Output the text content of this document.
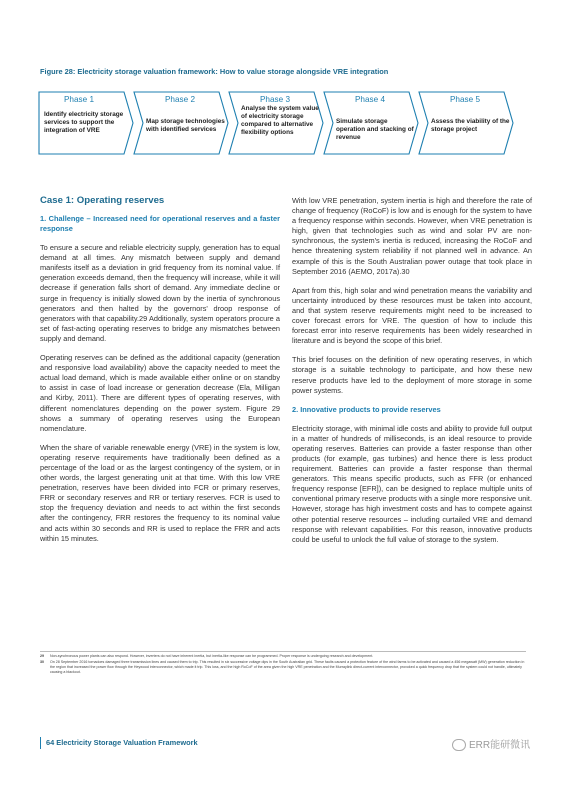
Figure 28: Electricity storage valuation framework: How to value storage alongside VRE integration
Phase 1
Identify electricity storage services to support the integration of VRE
Phase 2
Map storage technologies with identified services
Phase 3
Analyse the system value of electricity storage compared to alternative flexibility options
Phase 4
Simulate storage operation and stacking of revenue
Phase 5
Assess the viability of the storage project
Case 1: Operating reserves
1. Challenge – Increased need for operational reserves and a faster response

To ensure a secure and reliable electricity supply, generation has to equal demand at all times. Any mismatch between supply and demand manifests itself as a deviation in grid frequency from its nominal value. If generation exceeds demand, then the frequency will increase, while it will decrease if generation falls short of demand. Any immediate decline or surge in frequency is initially slowed down by the inertia of synchronous generators and then halted by the governors' droop response of generators with that capability.29 Additionally, system operators procure a set of fast-acting operating reserves to bridge any mismatches between supply and demand.

Operating reserves can be defined as the additional capacity (generation and responsive load availability) above the capacity needed to meet the actual load demand, which is made available either online or on standby to assist in case of load increase or generation decrease (Ela, Milligan and Kirby, 2011). There are different types of operating reserves, with different nomenclatures depending on the power system. Figure 29 shows a summary of operating reserves using the European nomenclature.

When the share of variable renewable energy (VRE) in the system is low, operating reserve requirements have traditionally been defined as a percentage of the load or as the largest contingency of the system, or in other words, the largest generating unit at that time. With this low VRE penetration, reserves have been divided into FCR or primary reserves, FRR or secondary reserves and RR or tertiary reserves. FCR is used to stop the frequency deviation and needs to act within the first seconds after the contingency, FRR restores the frequency to its nominal value and acts within 30 seconds and RR is used to replace the FRR and acts within 15 minutes.

With low VRE penetration, system inertia is high and therefore the rate of change of frequency (RoCoF) is low and is enough for the system to have a frequency response within seconds. However, when VRE penetration is high, given that technologies such as wind and solar PV are non-synchronous, the system's inertia is reduced, increasing the RoCoF and hence threatening system reliability if not planned well in advance. An example of this is the South Australian power outage that took place in September 2016 (AEMO, 2017a).30

Apart from this, high solar and wind penetration means the variability and uncertainty introduced by these resources must be taken into account, and that system reserve requirements might need to be increased to cover forecast errors for VRE. The question of how to include this forecast error into reserve requirements has been widely researched in literature and is beyond the scope of this brief.

This brief focuses on the definition of new operating reserves, in which storage is a suitable technology to participate, and how these new reserve products have led to the deployment of more storage in some power systems.

2. Innovative products to provide reserves

Electricity storage, with minimal idle costs and ability to provide full output in a matter of hundreds of milliseconds, is an ideal resource to provide operating reserves. Batteries can provide a faster response than other products (for example, gas turbines) and hence there is less product requirement. Batteries can provide a faster response than thermal generators. This means specific products, such as FFR (or enhanced frequency response [EFR]), can be designed to replace multiple units of conventional primary reserve products with a single more responsive unit. However, storage has high investment costs and has to compete against other potential reserve resources – including curtailed VRE and demand response with relevant capabilities. For this reason, innovative products could be useful to unlock the full value of storage to the system.

29	Non-synchronous power plants can also respond. However, inverters do not have inherent inertia, but inertia-like response can be programmed. Proper response is undergoing research and development.
30	On 28 September 2016 tornadoes damaged three transmission lines and caused them to trip. This resulted in six successive voltage dips in the South Australian grid. These faults caused a protection feature of the wind farms to be activated and caused a 456 megawatt (MW) generation reduction in the region that increased the power flow through the Heywood interconnector, which made it trip. This loss, and the high RoCoF of the area given the high VRE penetration and the Murraylink direct-current interconnector, provoked a quick frequency drop that the system could not handle, ultimately causing a blackout.
64 Electricity Storage Valuation Framework	ERR能研微讯
